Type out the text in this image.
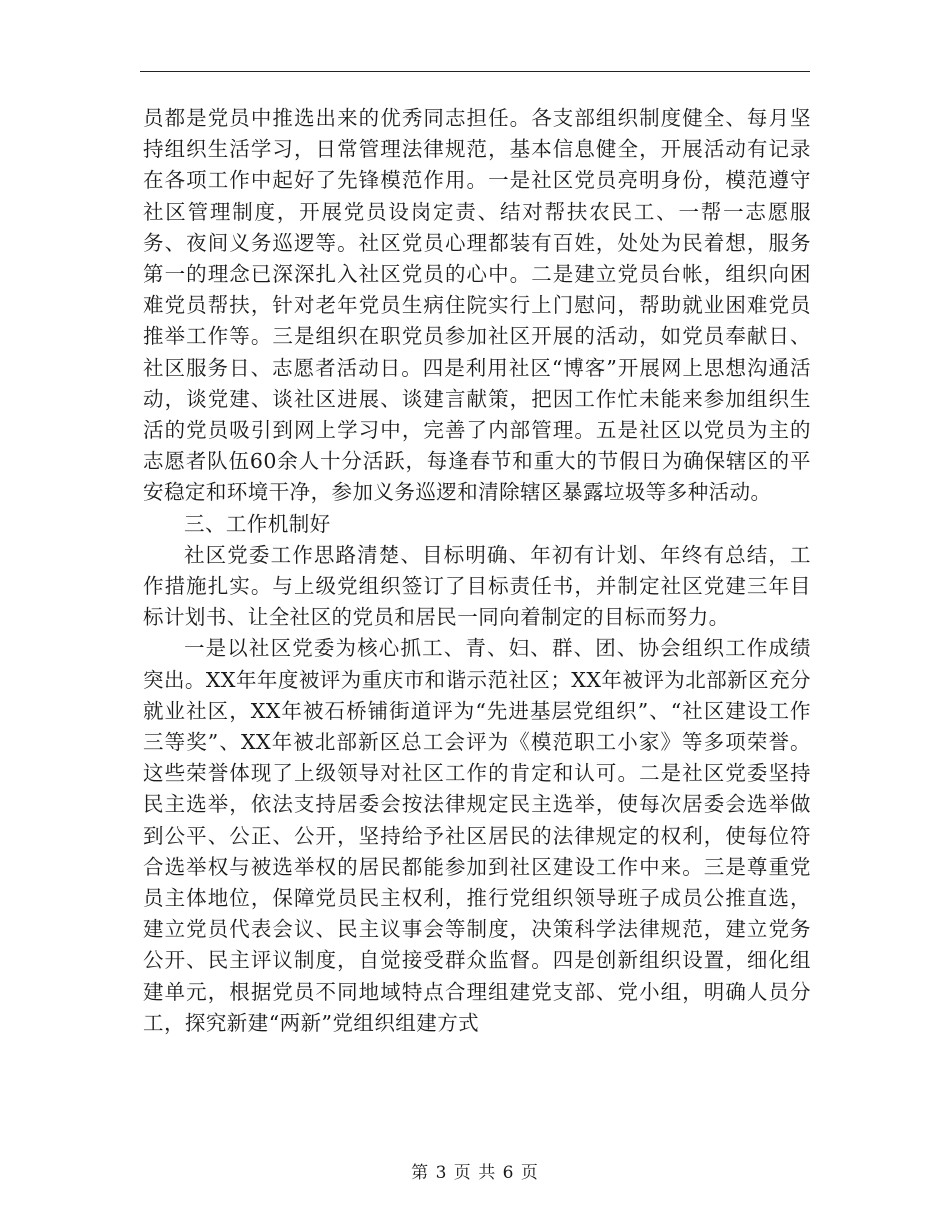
员都是党员中推选出来的优秀同志担任。各支部组织制度健全、每月坚持组织生活学习，日常管理法律规范，基本信息健全，开展活动有记录在各项工作中起好了先锋模范作用。一是社区党员亮明身份，模范遵守社区管理制度，开展党员设岗定责、结对帮扶农民工、一帮一志愿服务、夜间义务巡逻等。社区党员心理都装有百姓，处处为民着想，服务第一的理念已深深扎入社区党员的心中。二是建立党员台帐，组织向困难党员帮扶，针对老年党员生病住院实行上门慰问，帮助就业困难党员推举工作等。三是组织在职党员参加社区开展的活动，如党员奉献日、社区服务日、志愿者活动日。四是利用社区“博客”开展网上思想沟通活动，谈党建、谈社区进展、谈建言献策，把因工作忙未能来参加组织生活的党员吸引到网上学习中，完善了内部管理。五是社区以党员为主的志愿者队伍60余人十分活跃，每逢春节和重大的节假日为确保辖区的平安稳定和环境干净，参加义务巡逻和清除辖区暴露垃圾等多种活动。

三、工作机制好

社区党委工作思路清楚、目标明确、年初有计划、年终有总结，工作措施扎实。与上级党组织签订了目标责任书，并制定社区党建三年目标计划书、让全社区的党员和居民一同向着制定的目标而努力。

一是以社区党委为核心抓工、青、妇、群、团、协会组织工作成绩突出。XX年年度被评为重庆市和谐示范社区；XX年被评为北部新区充分就业社区，XX年被石桥铺街道评为“先进基层党组织”、“社区建设工作三等奖”、XX年被北部新区总工会评为《模范职工小家》等多项荣誉。这些荣誉体现了上级领导对社区工作的肯定和认可。二是社区党委坚持民主选举，依法支持居委会按法律规定民主选举，使每次居委会选举做到公平、公正、公开，坚持给予社区居民的法律规定的权利，使每位符合选举权与被选举权的居民都能参加到社区建设工作中来。三是尊重党员主体地位，保障党员民主权利，推行党组织领导班子成员公推直选，建立党员代表会议、民主议事会等制度，决策科学法律规范，建立党务公开、民主评议制度，自觉接受群众监督。四是创新组织设置，细化组建单元，根据党员不同地域特点合理组建党支部、党小组，明确人员分工，探究新建“两新”党组织组建方式

第 3 页 共 6 页
